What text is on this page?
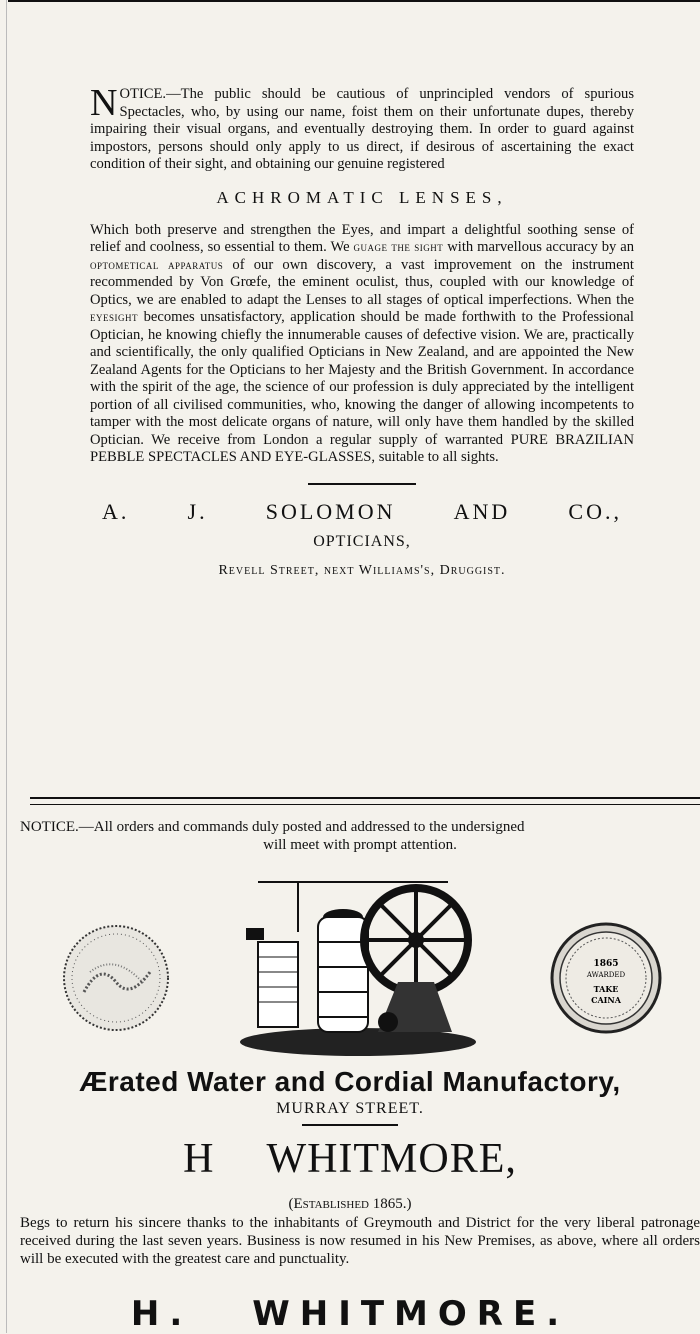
NOTICE.—The public should be cautious of unprincipled vendors of spurious Spectacles, who, by using our name, foist them on their unfortunate dupes, thereby impairing their visual organs, and eventually destroying them. In order to guard against impostors, persons should only apply to us direct, if desirous of ascertaining the exact condition of their sight, and obtaining our genuine registered

ACHROMATIC LENSES,

Which both preserve and strengthen the Eyes, and impart a delightful soothing sense of relief and coolness, so essential to them. We guage the sight with marvellous accuracy by an optometical apparatus of our own discovery, a vast improvement on the instrument recommended by Von Grœfe, the eminent oculist, thus, coupled with our knowledge of Optics, we are enabled to adapt the Lenses to all stages of optical imperfections. When the eyesight becomes unsatisfactory, application should be made forthwith to the Professional Optician, he knowing chiefly the innumerable causes of defective vision. We are, practically and scientifically, the only qualified Opticians in New Zealand, and are appointed the New Zealand Agents for the Opticians to her Majesty and the British Government. In accordance with the spirit of the age, the science of our profession is duly appreciated by the intelligent portion of all civilised communities, who, knowing the danger of allowing incompetents to tamper with the most delicate organs of nature, will only have them handled by the skilled Optician. We receive from London a regular supply of warranted PURE BRAZILIAN PEBBLE SPECTACLES AND EYE-GLASSES, suitable to all sights.

A.	J.	SOLOMON	AND	CO.,
OPTICIANS,
Revell Street, next Williams's, Druggist.

NOTICE.—All orders and commands duly posted and addressed to the undersigned

will meet with prompt attention.

1865
AWARDED
TAKE
CAINA
Ærated Water and Cordial Manufactory,
MURRAY STREET.
H WHITMORE,
(Established 1865.)

Begs to return his sincere thanks to the inhabitants of Greymouth and District for the very liberal patronage received during the last seven years. Business is now resumed in his New Premises, as above, where all orders will be executed with the greatest care and punctuality.

H. WHITMORE.
